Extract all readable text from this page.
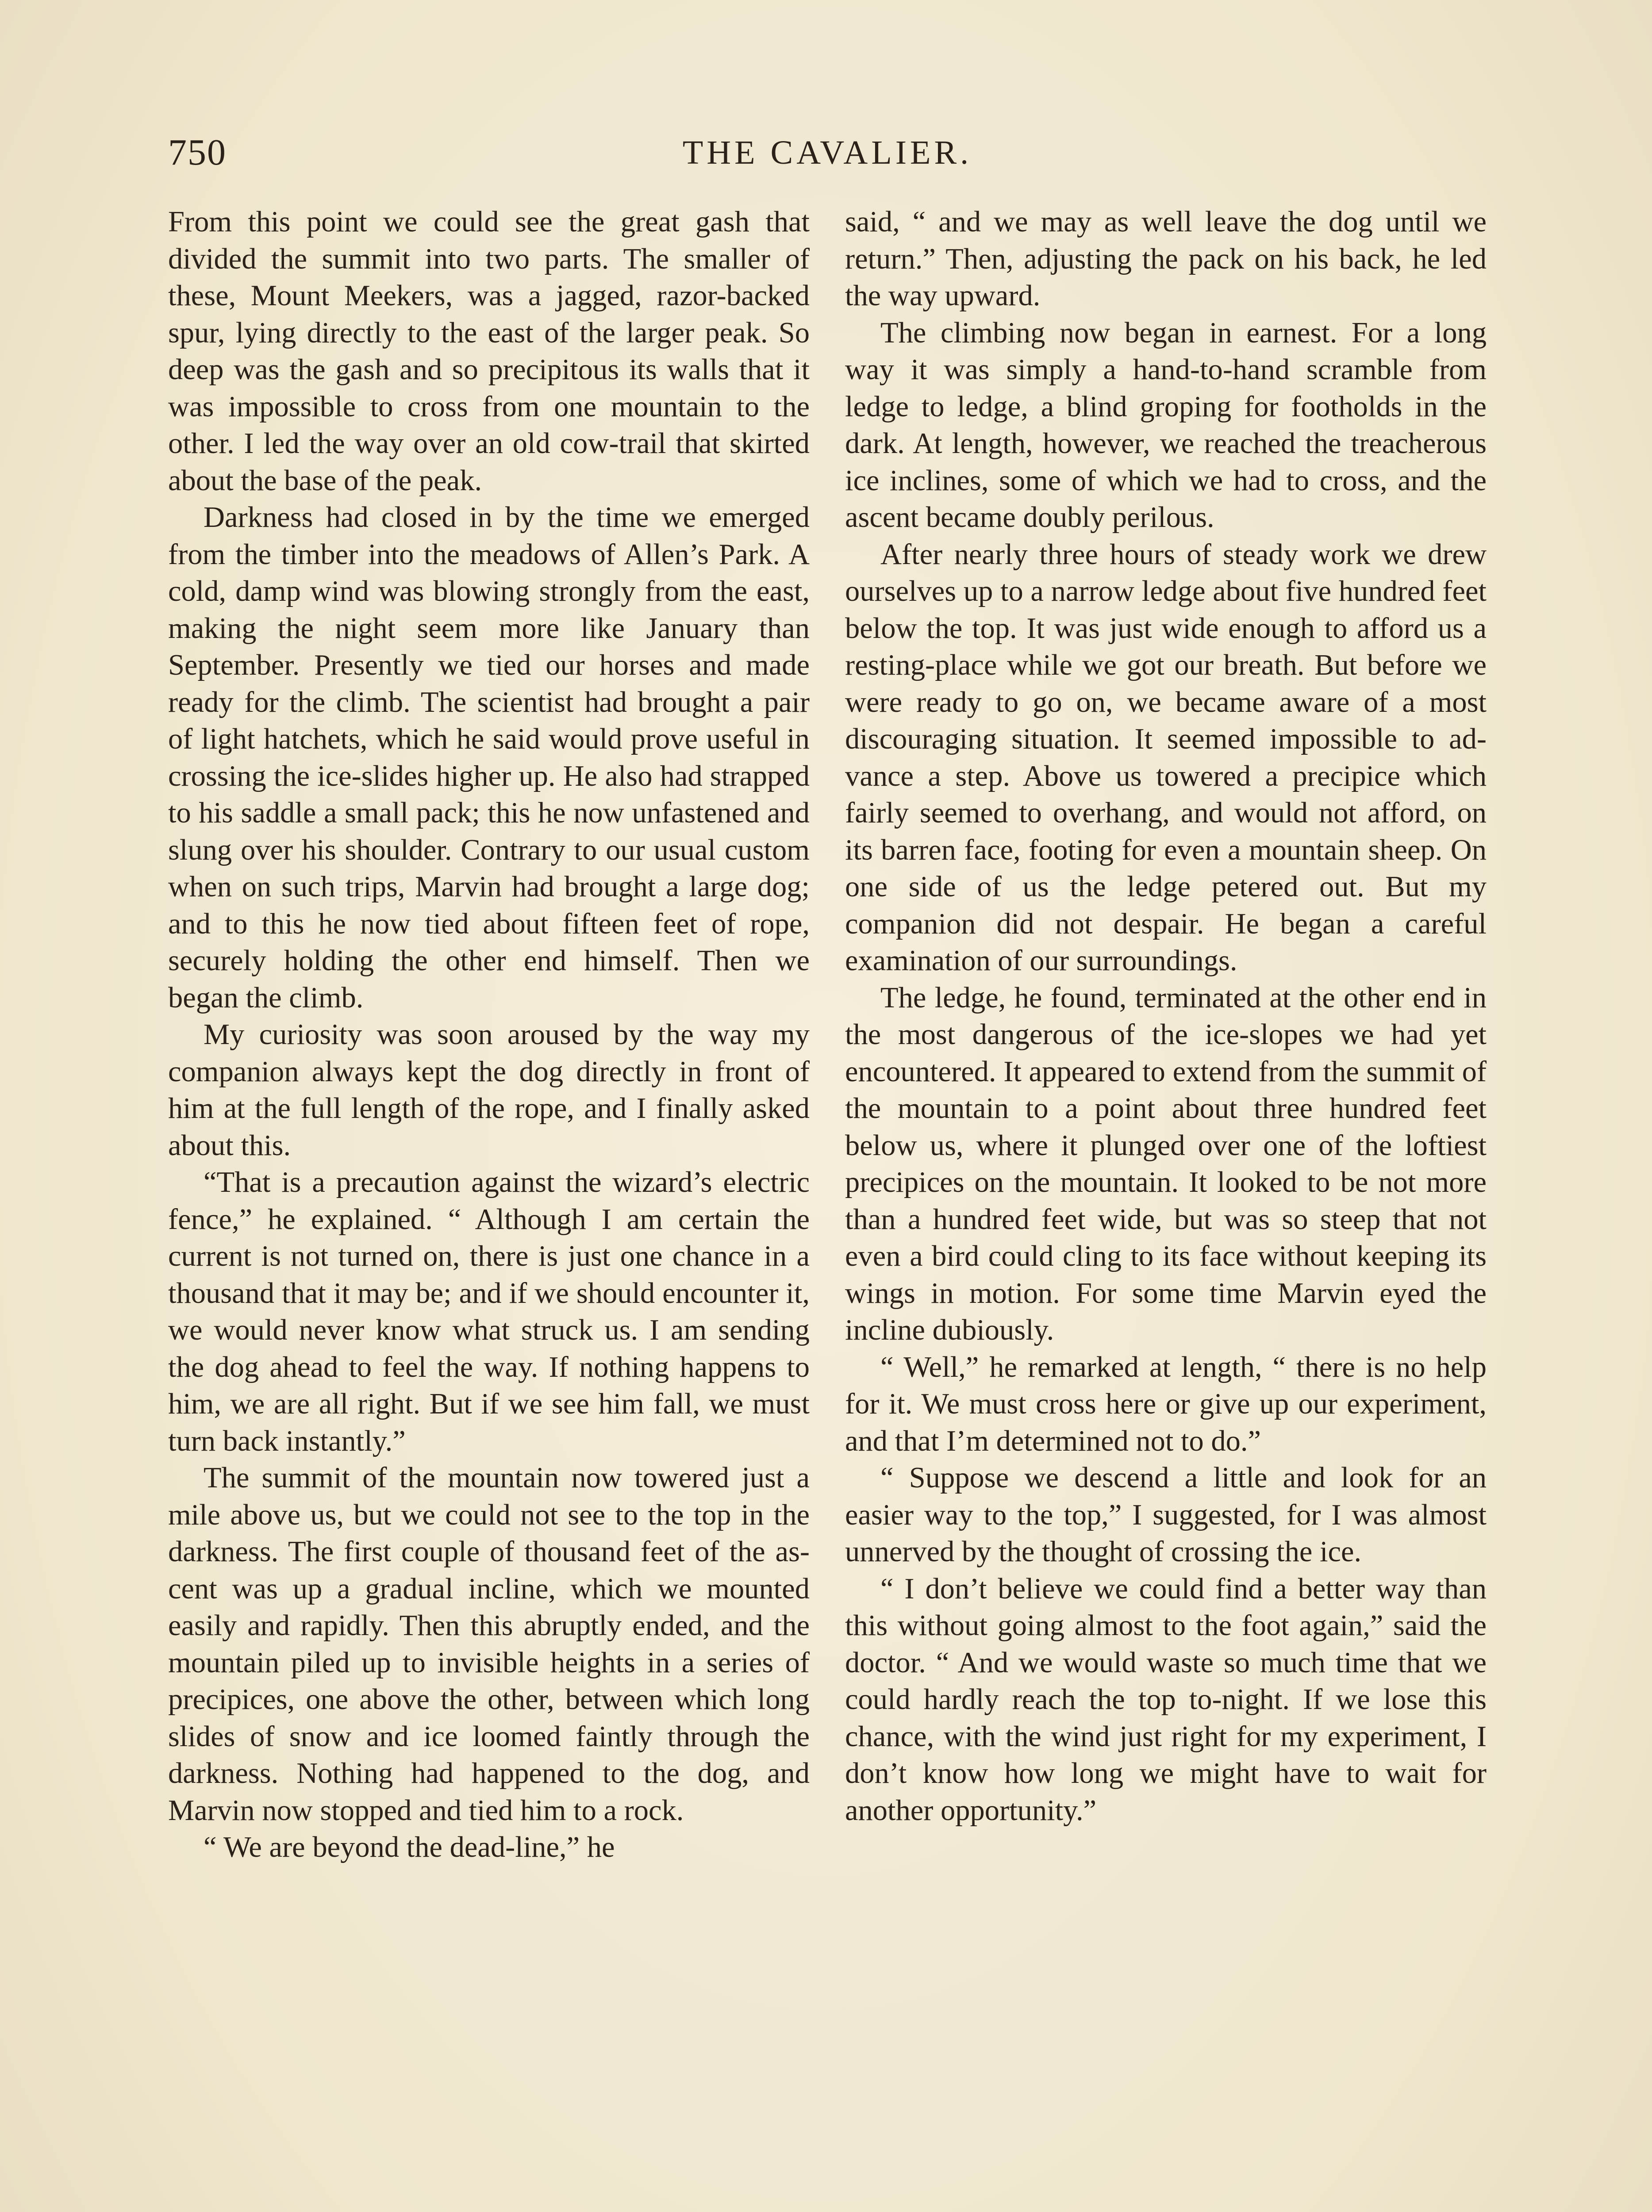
750	THE CAVALIER.

From this point we could see the great gash that divided the summit into two parts. The smaller of these, Mount Meekers, was a jagged, razor-backed spur, lying directly to the east of the larger peak. So deep was the gash and so precipitous its walls that it was impossible to cross from one mountain to the other. I led the way over an old cow-trail that skirted about the base of the peak.

Darkness had closed in by the time we emerged from the timber into the meadows of Allen’s Park. A cold, damp wind was blowing strongly from the east, making the night seem more like January than September. Presently we tied our horses and made ready for the climb. The scientist had brought a pair of light hatchets, which he said would prove useful in crossing the ice-slides higher up. He also had strapped to his saddle a small pack; this he now unfastened and slung over his shoulder. Contrary to our usual custom when on such trips, Marvin had brought a large dog; and to this he now tied about fifteen feet of rope, securely holding the other end himself. Then we began the climb.

My curiosity was soon aroused by the way my companion always kept the dog directly in front of him at the full length of the rope, and I finally asked about this.

“That is a precaution against the wizard’s electric fence,” he explained. “ Although I am certain the current is not turned on, there is just one chance in a thousand that it may be; and if we should encounter it, we would never know what struck us. I am sending the dog ahead to feel the way. If nothing happens to him, we are all right. But if we see him fall, we must turn back instantly.”

The summit of the mountain now towered just a mile above us, but we could not see to the top in the darkness. The first couple of thousand feet of the ascent was up a gradual incline, which we mounted easily and rapidly. Then this abruptly ended, and the mountain piled up to invisible heights in a series of precipices, one above the other, between which long slides of snow and ice loomed faintly through the darkness. Nothing had happened to the dog, and Marvin now stopped and tied him to a rock.

“ We are beyond the dead-line,” he

said, “ and we may as well leave the dog until we return.” Then, adjusting the pack on his back, he led the way upward.

The climbing now began in earnest. For a long way it was simply a hand-to-hand scramble from ledge to ledge, a blind groping for footholds in the dark. At length, however, we reached the treacherous ice inclines, some of which we had to cross, and the ascent became doubly perilous.

After nearly three hours of steady work we drew ourselves up to a narrow ledge about five hundred feet below the top. It was just wide enough to afford us a resting-place while we got our breath. But before we were ready to go on, we became aware of a most discouraging situation. It seemed impossible to advance a step. Above us towered a precipice which fairly seemed to overhang, and would not afford, on its barren face, footing for even a mountain sheep. On one side of us the ledge petered out. But my companion did not despair. He began a careful examination of our surroundings.

The ledge, he found, terminated at the other end in the most dangerous of the ice-slopes we had yet encountered. It appeared to extend from the summit of the mountain to a point about three hundred feet below us, where it plunged over one of the loftiest precipices on the mountain. It looked to be not more than a hundred feet wide, but was so steep that not even a bird could cling to its face without keeping its wings in motion. For some time Marvin eyed the incline dubiously.

“ Well,” he remarked at length, “ there is no help for it. We must cross here or give up our experiment, and that I’m determined not to do.”

“ Suppose we descend a little and look for an easier way to the top,” I suggested, for I was almost unnerved by the thought of crossing the ice.

“ I don’t believe we could find a better way than this without going almost to the foot again,” said the doctor. “ And we would waste so much time that we could hardly reach the top to-night. If we lose this chance, with the wind just right for my experiment, I don’t know how long we might have to wait for another opportunity.”
